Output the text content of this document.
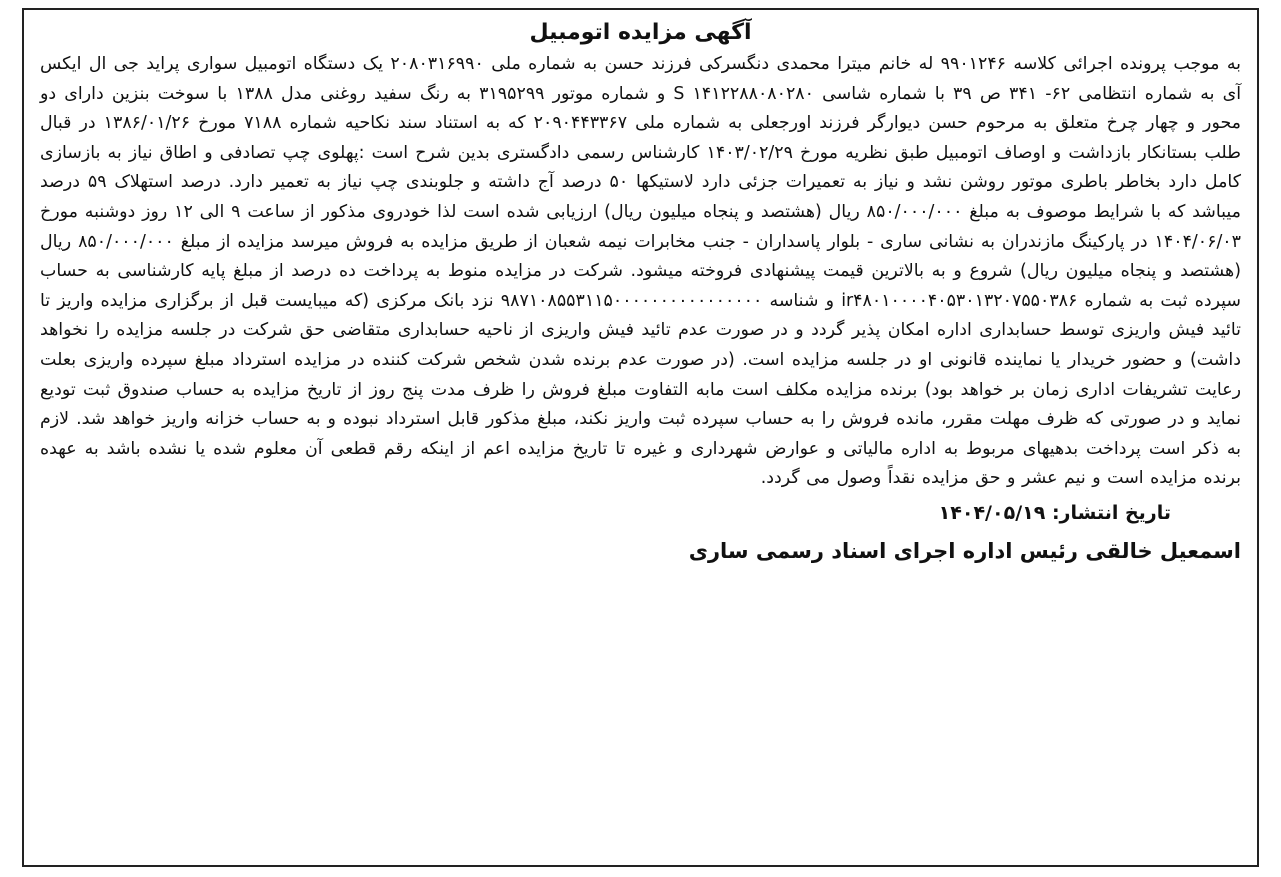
آگهی مزایده اتومبیل

به موجب پرونده اجرائی کلاسه ۹۹۰۱۲۴۶ له خانم میترا محمدی دنگسرکی فرزند حسن به شماره ملی ۲۰۸۰۳۱۶۹۹۰ یک دستگاه اتومبیل سواری پراید جی ال ایکس آی به شماره انتظامی ۶۲- ۳۴۱ ص ۳۹ با شماره شاسی S ۱۴۱۲۲۸۸۰۸۰۲۸۰ و شماره موتور ۳۱۹۵۲۹۹ به رنگ سفید روغنی مدل ۱۳۸۸ با سوخت بنزین دارای دو محور و چهار چرخ متعلق به مرحوم حسن دیوارگر فرزند اورجعلی به شماره ملی ۲۰۹۰۴۴۳۳۶۷ که به استناد سند نکاحیه شماره ۷۱۸۸ مورخ ۱۳۸۶/۰۱/۲۶ در قبال طلب بستانکار بازداشت و اوصاف اتومبیل طبق نظریه مورخ ۱۴۰۳/۰۲/۲۹ کارشناس رسمی دادگستری بدین شرح است :پهلوی چپ تصادفی و اطاق نیاز به بازسازی کامل دارد بخاطر باطری موتور روشن نشد و نیاز به تعمیرات جزئی دارد لاستیکها ۵۰ درصد آج داشته و جلوبندی چپ نیاز به تعمیر دارد. درصد استهلاک ۵۹ درصد میباشد که با شرایط موصوف به مبلغ ۸۵۰/۰۰۰/۰۰۰ ریال (هشتصد و پنجاه میلیون ریال) ارزیابی شده است لذا خودروی مذکور از ساعت ۹ الی ۱۲ روز دوشنبه مورخ ۱۴۰۴/۰۶/۰۳ در پارکینگ مازندران به نشانی ساری - بلوار پاسداران - جنب مخابرات نیمه شعبان از طریق مزایده به فروش میرسد مزایده از مبلغ ۸۵۰/۰۰۰/۰۰۰ ریال (هشتصد و پنجاه میلیون ریال) شروع و به بالاترین قیمت پیشنهادی فروخته میشود. شرکت در مزایده منوط به پرداخت ده درصد از مبلغ پایه کارشناسی به حساب سپرده ثبت به شماره ir۴۸۰۱۰۰۰۰۴۰۵۳۰۱۳۲۰۷۵۵۰۳۸۶ و شناسه ۹۸۷۱۰۸۵۵۳۱۱۵۰۰۰۰۰۰۰۰۰۰۰۰۰۰۰۰ نزد بانک مرکزی (که میبایست قبل از برگزاری مزایده واریز تا تائید فیش واریزی توسط حسابداری اداره امکان پذیر گردد و در صورت عدم تائید فیش واریزی از ناحیه حسابداری متقاضی حق شرکت در جلسه مزایده را نخواهد داشت) و حضور خریدار یا نماینده قانونی او در جلسه مزایده است. (در صورت عدم برنده شدن شخص شرکت کننده در مزایده استرداد مبلغ سپرده واریزی بعلت رعایت تشریفات اداری زمان بر خواهد بود) برنده مزایده مکلف است مابه التفاوت مبلغ فروش را ظرف مدت پنج روز از تاریخ مزایده به حساب صندوق ثبت تودیع نماید و در صورتی که ظرف مهلت مقرر، مانده فروش را به حساب سپرده ثبت واریز نکند، مبلغ مذکور قابل استرداد نبوده و به حساب خزانه واریز خواهد شد. لازم به ذکر است پرداخت بدهیهای مربوط به اداره مالیاتی و عوارض شهرداری و غیره تا تاریخ مزایده اعم از اینکه رقم قطعی آن معلوم شده یا نشده باشد به عهده برنده مزایده است و نیم عشر و حق مزایده نقداً وصول می گردد.

تاریخ انتشار: ۱۴۰۴/۰۵/۱۹
اسمعیل خالقی رئیس اداره اجرای اسناد رسمی ساری
